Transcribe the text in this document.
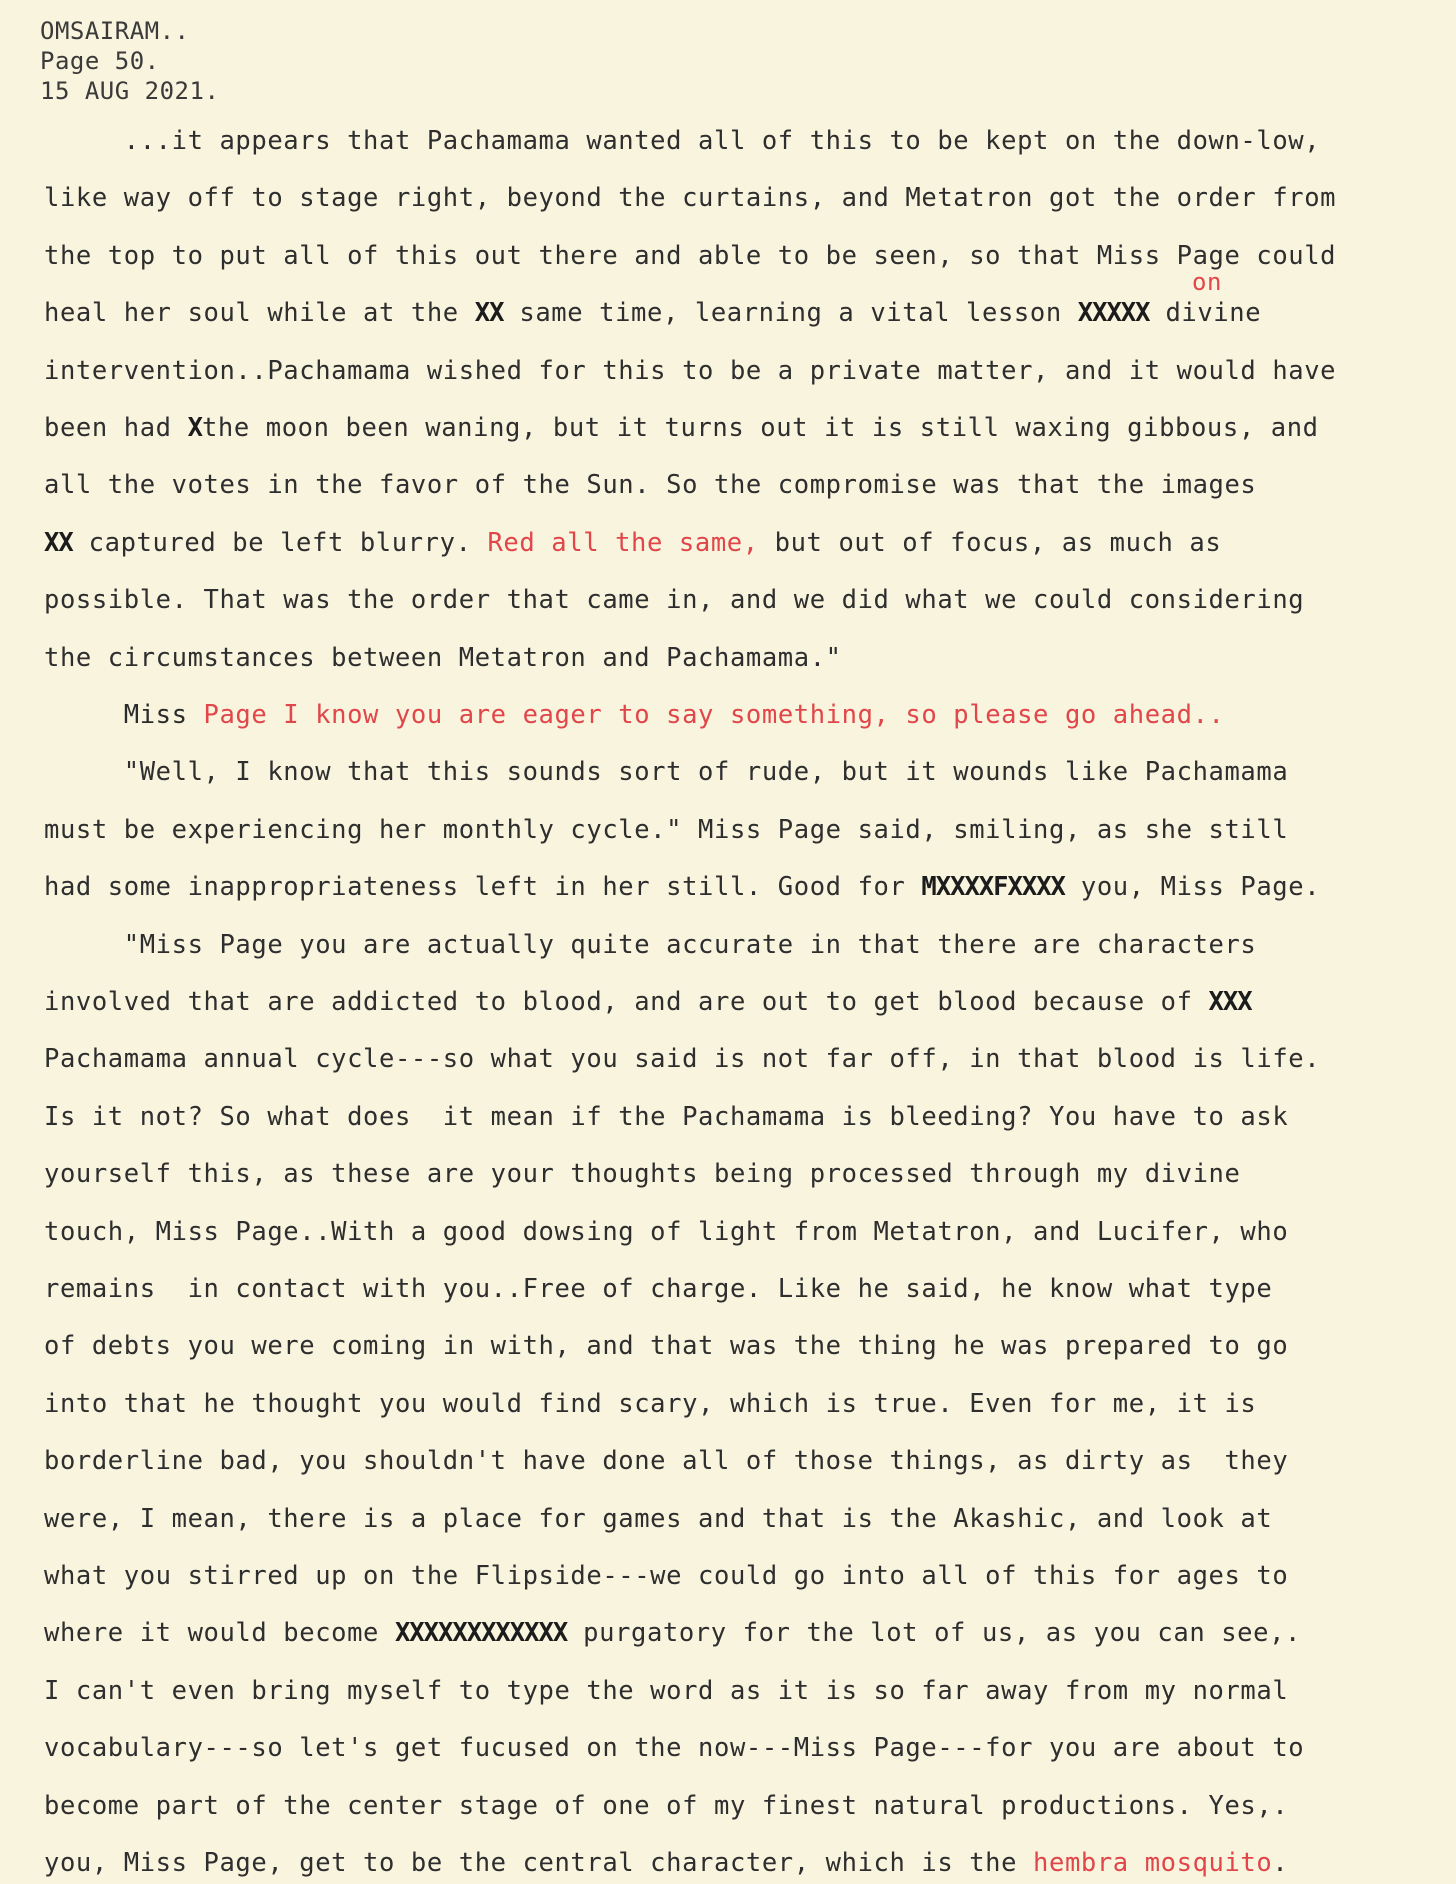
OMSAIRAM..
Page 50.
15 AUG 2021.
on
...it appears that Pachamama wanted all of this to be kept on the down-low,
like way off to stage right, beyond the curtains, and Metatron got the order from
the top to put all of this out there and able to be seen, so that Miss Page could
heal her soul while at the XX same time, learning a vital lesson XXXXX divine
intervention..Pachamama wished for this to be a private matter, and it would have
been had Xthe moon been waning, but it turns out it is still waxing gibbous, and
all the votes in the favor of the Sun. So the compromise was that the images
XX captured be left blurry. Red all the same, but out of focus, as much as
possible. That was the order that came in, and we did what we could considering
the circumstances between Metatron and Pachamama."
Miss Page I know you are eager to say something, so please go ahead..
"Well, I know that this sounds sort of rude, but it wounds like Pachamama
must be experiencing her monthly cycle." Miss Page said, smiling, as she still
had some inappropriateness left in her still. Good for MXXXXFXXXX you, Miss Page.
"Miss Page you are actually quite accurate in that there are characters
involved that are addicted to blood, and are out to get blood because of XXX
Pachamama annual cycle---so what you said is not far off, in that blood is life.
Is it not? So what does  it mean if the Pachamama is bleeding? You have to ask
yourself this, as these are your thoughts being processed through my divine
touch, Miss Page..With a good dowsing of light from Metatron, and Lucifer, who
remains  in contact with you..Free of charge. Like he said, he know what type
of debts you were coming in with, and that was the thing he was prepared to go
into that he thought you would find scary, which is true. Even for me, it is
borderline bad, you shouldn't have done all of those things, as dirty as  they
were, I mean, there is a place for games and that is the Akashic, and look at
what you stirred up on the Flipside---we could go into all of this for ages to
where it would become XXXXXXXXXXXX purgatory for the lot of us, as you can see,.
I can't even bring myself to type the word as it is so far away from my normal
vocabulary---so let's get fucused on the now---Miss Page---for you are about to
become part of the center stage of one of my finest natural productions. Yes,.
you, Miss Page, get to be the central character, which is the hembra mosquito.
